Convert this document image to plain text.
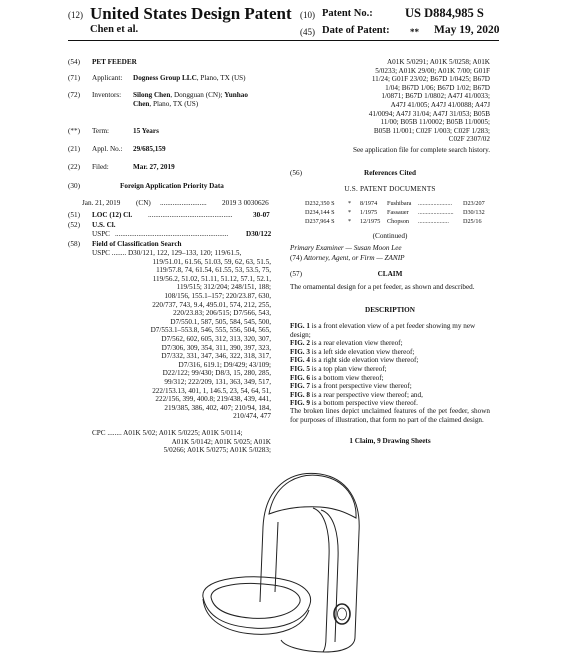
(12) United States Design Patent
Chen et al.
(10) Patent No.:	US D884,985 S
(45) Date of Patent: ** May 19, 2020
(54) PET FEEDER
(71) Applicant: Dogness Group LLC, Plano, TX (US)
(72) Inventors: Silong Chen, Dongguan (CN); Yunhao
Chen, Plano, TX (US)
(**) Term:	15 Years
(21) Appl. No.: 29/685,159
(22) Filed:	Mar. 27, 2019
(30)	Foreign Application Priority Data
Jan. 21, 2019 (CN) .......................... 2019 3 0030626
(51) LOC (12) Cl. ...............................................	30-07
(52) U.S. Cl.
USPC ............................................................... D30/122
(58) Field of Classification Search
USPC ........ D30/121, 122, 129–133, 120; 119/61.5,
119/51.01, 61.56, 51.03, 59, 62, 63, 51.5,
119/57.8, 74, 61.54, 61.55, 53, 53.5, 75,
119/56.2, 51.02, 51.11, 51.12, 57.1, 52.1,
119/515; 312/204; 248/151, 188;
108/156, 155.1–157; 220/23.87, 630,
220/737, 743, 9.4, 495.01, 574, 212, 255,
220/23.83; 206/515; D7/566, 543,
D7/550.1, 587, 505, 584, 545, 500,
D7/553.1–553.8, 546, 555, 556, 504, 565,
D7/562, 602, 605, 312, 313, 320, 307,
D7/306, 309, 354, 311, 390, 397, 323,
D7/332, 331, 347, 346, 322, 318, 317,
D7/316, 619.1; D9/429; 43/109;
D22/122; 99/430; D8/3, 15, 280, 285,
99/312; 222/209, 131, 363, 349, 517,
222/153.13, 401, 1, 146.5, 23, 54, 64, 51,
222/156, 399, 400.8; 219/438, 439, 441,
219/385, 386, 402, 407; 210/94, 184,
210/474, 477
CPC ........ A01K 5/02; A01K 5/0225; A01K 5/0114;
A01K 5/0142; A01K 5/025; A01K
5/0266; A01K 5/0275; A01K 5/0283;
A01K 5/0291; A01K 5/0258; A01K
5/0233; A01K 29/00; A01K 7/00; G01F
11/24; G01F 23/02; B67D 1/0425; B67D
1/04; B67D 1/06; B67D 1/02; B67D
1/0871; B67D 1/0802; A47J 41/0033;
A47J 41/005; A47J 41/0088; A47J
41/0094; A47J 31/04; A47J 31/053; B05B
11/00; B05B 11/0002; B05B 11/0005;
B05B 11/001; C02F 1/003; C02F 1/283;
C02F 2307/02
See application file for complete search history.
(56)	References Cited
U.S. PATENT DOCUMENTS
D232,350 S * 8/1974 Fushibara ...................... D23/207
D234,144 S * 1/1975 Fassauer ....................... D30/132
D237,964 S * 12/1975 Chopson .................... D25/16
(Continued)
Primary Examiner — Susan Moon Lee
(74) Attorney, Agent, or Firm — ZANIP
(57)	CLAIM
The ornamental design for a pet feeder, as shown and described.
DESCRIPTION
FIG. 1 is a front elevation view of a pet feeder showing my new design;
FIG. 2 is a rear elevation view thereof;
FIG. 3 is a left side elevation view thereof;
FIG. 4 is a right side elevation view thereof;
FIG. 5 is a top plan view thereof;
FIG. 6 is a bottom view thereof;
FIG. 7 is a front perspective view thereof;
FIG. 8 is a rear perspective view thereof; and,
FIG. 9 is a bottom perspective view thereof.
The broken lines depict unclaimed features of the pet feeder, shown for purposes of illustration, that form no part of the claimed design.
1 Claim, 9 Drawing Sheets
